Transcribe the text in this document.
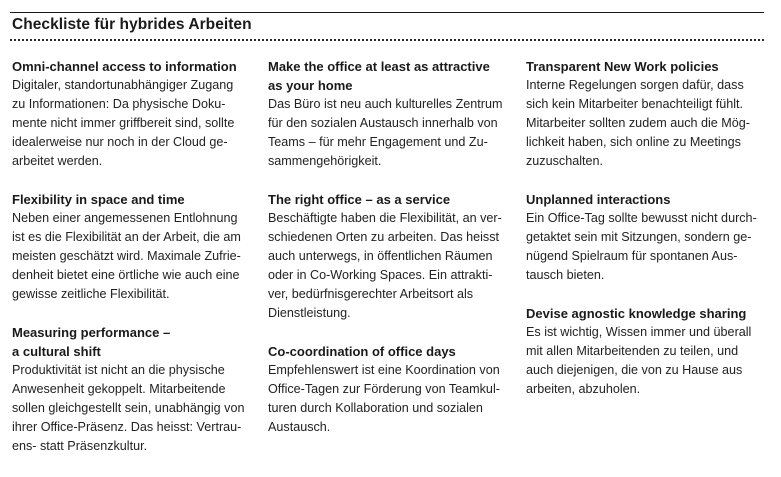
Checkliste für hybrides Arbeiten
Omni-channel access to information
Digitaler, standortunabhängiger Zugang
zu Informationen: Da physische Doku-
mente nicht immer griffbereit sind, sollte
idealerweise nur noch in der Cloud ge-
arbeitet werden.
Flexibility in space and time
Neben einer angemessenen Entlohnung
ist es die Flexibilität an der Arbeit, die am
meisten geschätzt wird. Maximale Zufrie-
denheit bietet eine örtliche wie auch eine
gewisse zeitliche Flexibilität.
Measuring performance –
a cultural shift
Produktivität ist nicht an die physische
Anwesenheit gekoppelt. Mitarbeitende
sollen gleichgestellt sein, unabhängig von
ihrer Office-Präsenz. Das heisst: Vertrau-
ens- statt Präsenzkultur.
Make the office at least as attractive
as your home
Das Büro ist neu auch kulturelles Zentrum
für den sozialen Austausch innerhalb von
Teams – für mehr Engagement und Zu-
sammengehörigkeit.
The right office – as a service
Beschäftigte haben die Flexibilität, an ver-
schiedenen Orten zu arbeiten. Das heisst
auch unterwegs, in öffentlichen Räumen
oder in Co-Working Spaces. Ein attrakti-
ver, bedürfnisgerechter Arbeitsort als
Dienstleistung.
Co-coordination of office days
Empfehlenswert ist eine Koordination von
Office-Tagen zur Förderung von Teamkul-
turen durch Kollaboration und sozialen
Austausch.
Transparent New Work policies
Interne Regelungen sorgen dafür, dass
sich kein Mitarbeiter benachteiligt fühlt.
Mitarbeiter sollten zudem auch die Mög-
lichkeit haben, sich online zu Meetings
zuzuschalten.
Unplanned interactions
Ein Office-Tag sollte bewusst nicht durch-
getaktet sein mit Sitzungen, sondern ge-
nügend Spielraum für spontanen Aus-
tausch bieten.
Devise agnostic knowledge sharing
Es ist wichtig, Wissen immer und überall
mit allen Mitarbeitenden zu teilen, und
auch diejenigen, die von zu Hause aus
arbeiten, abzuholen.
